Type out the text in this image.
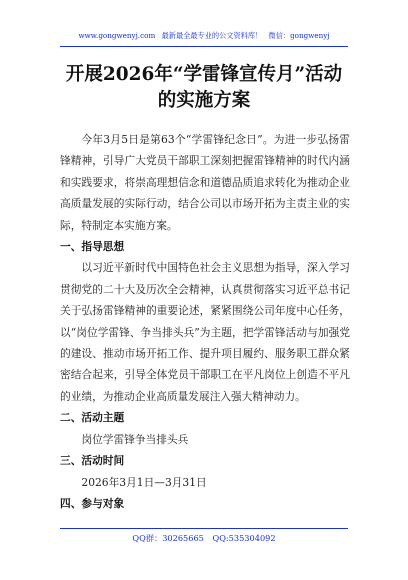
www.gongwenyj.com 最新最全最专业的公文资料库！ 微信：gongwenyj
开展2026年“学雷锋宣传月”活动的实施方案

今年3月5日是第63个“学雷锋纪念日”。为进一步弘扬雷锋精神，引导广大党员干部职工深刻把握雷锋精神的时代内涵和实践要求，将崇高理想信念和道德品质追求转化为推动企业高质量发展的实际行动，结合公司以市场开拓为主责主业的实际，特制定本实施方案。

一、指导思想

以习近平新时代中国特色社会主义思想为指导，深入学习贯彻党的二十大及历次全会精神，认真贯彻落实习近平总书记关于弘扬雷锋精神的重要论述，紧紧围绕公司年度中心任务，以“岗位学雷锋、争当排头兵”为主题，把学雷锋活动与加强党的建设、推动市场开拓工作、提升项目履约、服务职工群众紧密结合起来，引导全体党员干部职工在平凡岗位上创造不平凡的业绩，为推动企业高质量发展注入强大精神动力。

二、活动主题

岗位学雷锋争当排头兵

三、活动时间

2026年3月1日—3月31日

四、参与对象

QQ群：30265665 QQ:535304092
